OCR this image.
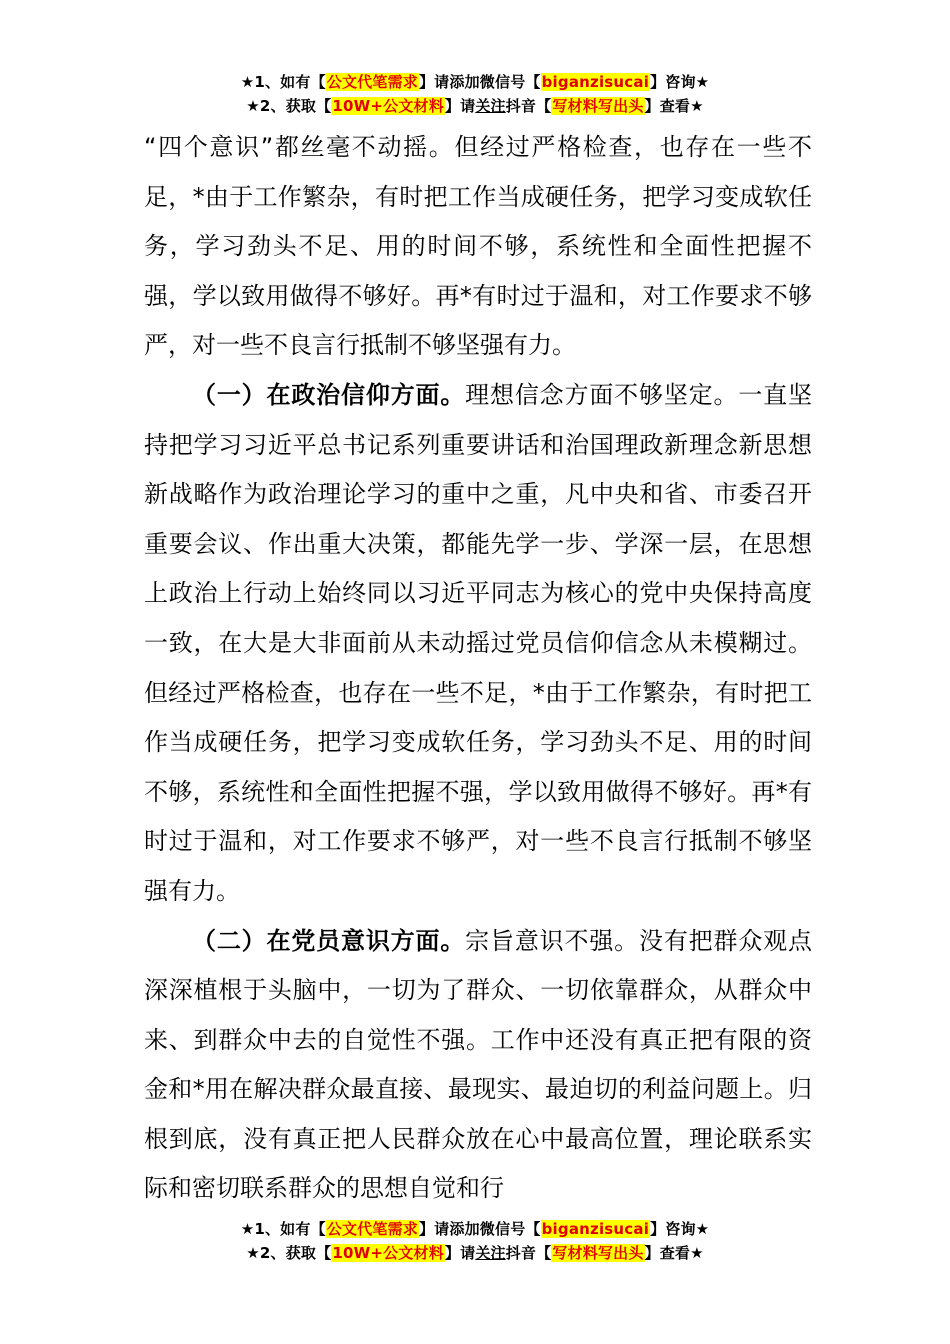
★1、如有【公文代笔需求】请添加微信号【biganzisucai】咨询★
★2、获取【10W+公文材料】请关注抖音【写材料写出头】查看★

“四个意识”都丝毫不动摇。但经过严格检查，也存在一些不足，*由于工作繁杂，有时把工作当成硬任务，把学习变成软任务，学习劲头不足、用的时间不够，系统性和全面性把握不强，学以致用做得不够好。再*有时过于温和，对工作要求不够严，对一些不良言行抵制不够坚强有力。

（一）在政治信仰方面。理想信念方面不够坚定。一直坚持把学习习近平总书记系列重要讲话和治国理政新理念新思想新战略作为政治理论学习的重中之重，凡中央和省、市委召开重要会议、作出重大决策，都能先学一步、学深一层，在思想上政治上行动上始终同以习近平同志为核心的党中央保持高度一致，在大是大非面前从未动摇过党员信仰信念从未模糊过。但经过严格检查，也存在一些不足，*由于工作繁杂，有时把工作当成硬任务，把学习变成软任务，学习劲头不足、用的时间不够，系统性和全面性把握不强，学以致用做得不够好。再*有时过于温和，对工作要求不够严，对一些不良言行抵制不够坚强有力。

（二）在党员意识方面。宗旨意识不强。没有把群众观点深深植根于头脑中，一切为了群众、一切依靠群众，从群众中来、到群众中去的自觉性不强。工作中还没有真正把有限的资金和*用在解决群众最直接、最现实、最迫切的利益问题上。归根到底，没有真正把人民群众放在心中最高位置，理论联系实际和密切联系群众的思想自觉和行

★1、如有【公文代笔需求】请添加微信号【biganzisucai】咨询★
★2、获取【10W+公文材料】请关注抖音【写材料写出头】查看★
